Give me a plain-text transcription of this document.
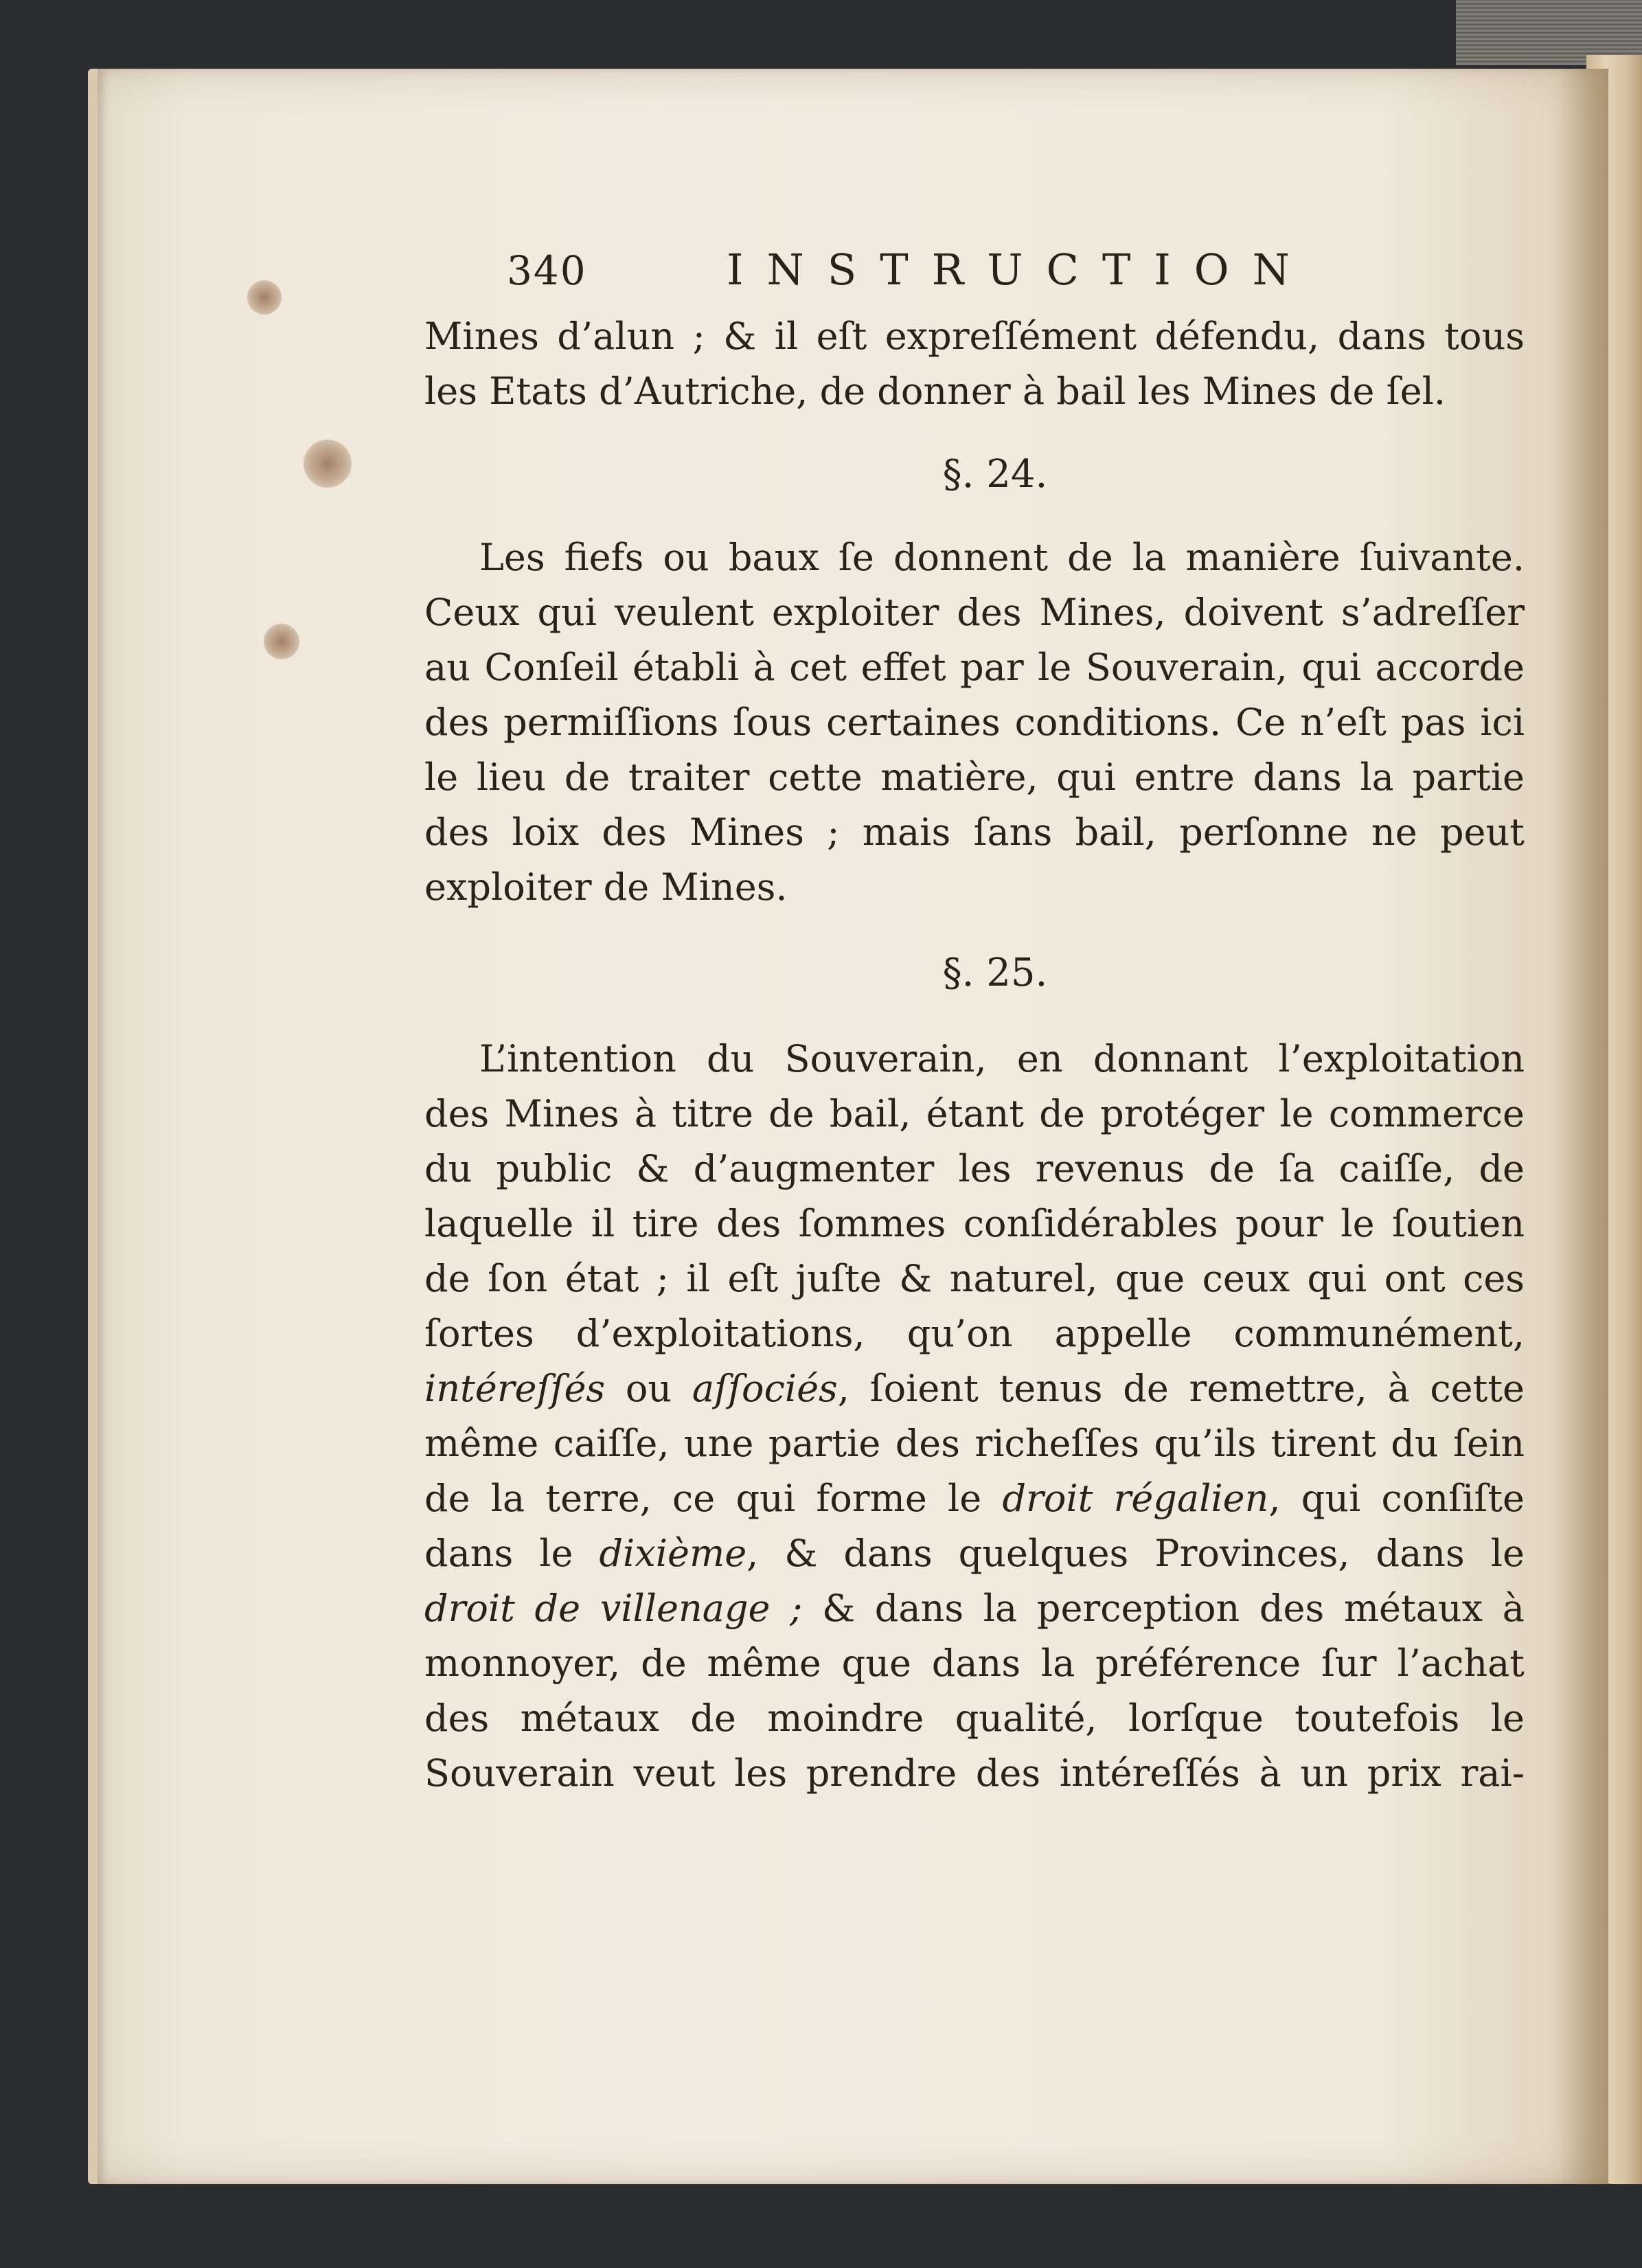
340	INSTRUCTION
Mines d’alun ; & il eſt expreſſément défendu, dans tous
les Etats d’Autriche, de donner à bail les Mines de ſel.
§. 24.
Les fiefs ou baux ſe donnent de la manière ſuivante.
Ceux qui veulent exploiter des Mines, doivent s’adreſſer
au Conſeil établi à cet effet par le Souverain, qui accorde
des permiſſions ſous certaines conditions. Ce n’eſt pas ici
le lieu de traiter cette matière, qui entre dans la partie
des loix des Mines ; mais ſans bail, perſonne ne peut
exploiter de Mines.
§. 25.
L’intention du Souverain, en donnant l’exploitation
des Mines à titre de bail, étant de protéger le commerce
du public & d’augmenter les revenus de ſa caiſſe, de
laquelle il tire des ſommes conſidérables pour le ſoutien
de ſon état ; il eſt juſte & naturel, que ceux qui ont ces
ſortes d’exploitations, qu’on appelle communément,
intéreſſés ou aſſociés, ſoient tenus de remettre, à cette
même caiſſe, une partie des richeſſes qu’ils tirent du ſein
de la terre, ce qui forme le droit régalien, qui conſiſte
dans le dixième, & dans quelques Provinces, dans le
droit de villenage ; & dans la perception des métaux à
monnoyer, de même que dans la préférence ſur l’achat
des métaux de moindre qualité, lorſque toutefois le
Souverain veut les prendre des intéreſſés à un prix rai-
